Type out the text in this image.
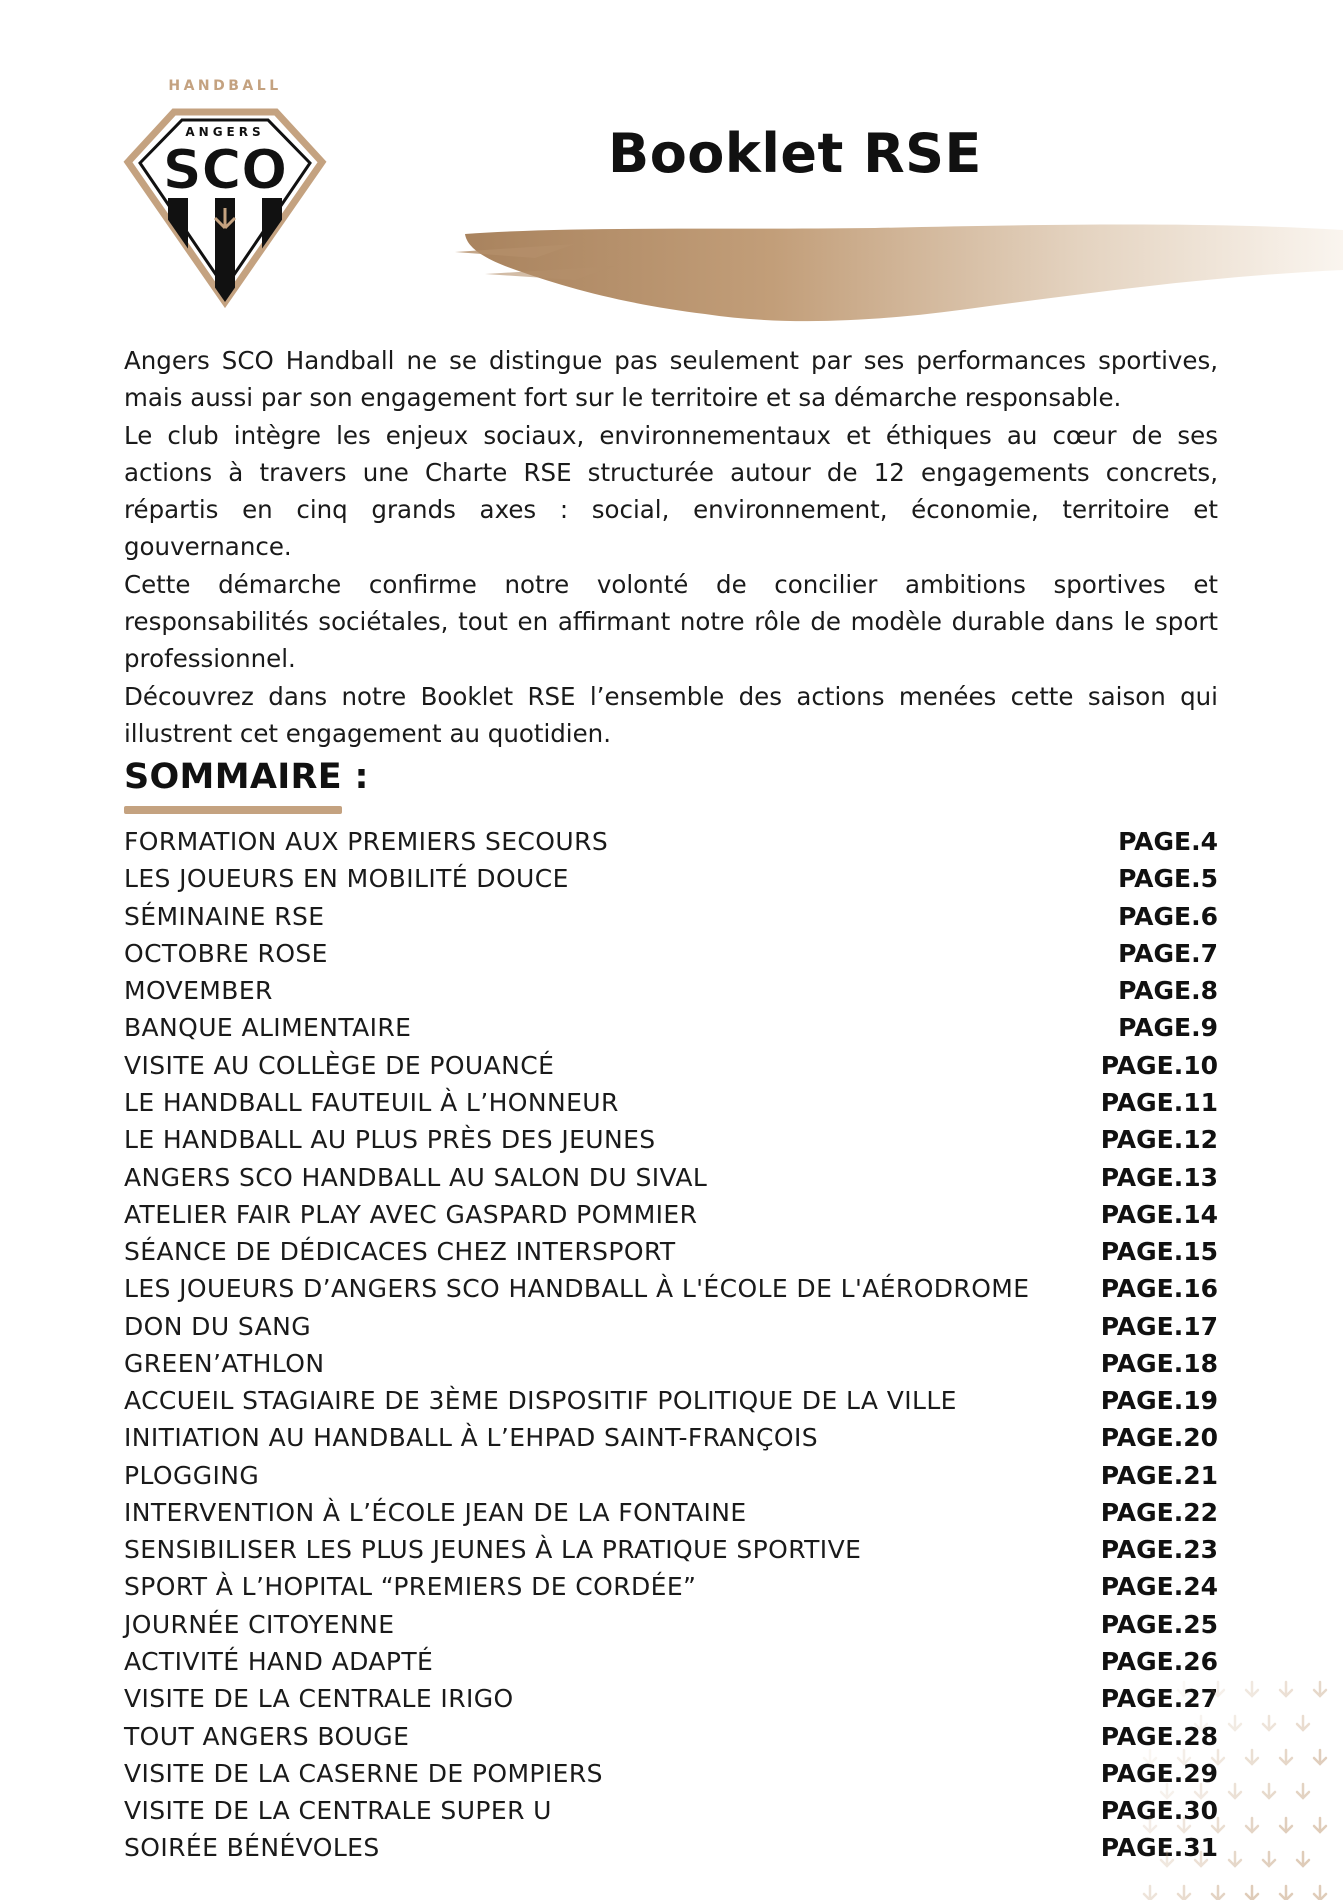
HANDBALL
ANGERS
SCO	Booklet RSE

Angers SCO Handball ne se distingue pas seulement par ses performances sportives, mais aussi par son engagement fort sur le territoire et sa démarche responsable.

Le club intègre les enjeux sociaux, environnementaux et éthiques au cœur de ses actions à travers une Charte RSE structurée autour de 12 engagements concrets, répartis en cinq grands axes : social, environnement, économie, territoire et gouvernance.

Cette démarche confirme notre volonté de concilier ambitions sportives et responsabilités sociétales, tout en affirmant notre rôle de modèle durable dans le sport professionnel.

Découvrez dans notre Booklet RSE l’ensemble des actions menées cette saison qui illustrent cet engagement au quotidien.

SOMMAIRE :
FORMATION AUX PREMIERS SECOURS	PAGE.4
LES JOUEURS EN MOBILITÉ DOUCE	PAGE.5
SÉMINAINE RSE	PAGE.6
OCTOBRE ROSE	PAGE.7
MOVEMBER	PAGE.8
BANQUE ALIMENTAIRE	PAGE.9
VISITE AU COLLÈGE DE POUANCÉ	PAGE.10
LE HANDBALL FAUTEUIL À L’HONNEUR	PAGE.11
LE HANDBALL AU PLUS PRÈS DES JEUNES	PAGE.12
ANGERS SCO HANDBALL AU SALON DU SIVAL	PAGE.13
ATELIER FAIR PLAY AVEC GASPARD POMMIER	PAGE.14
SÉANCE DE DÉDICACES CHEZ INTERSPORT	PAGE.15
LES JOUEURS D’ANGERS SCO HANDBALL À L'ÉCOLE DE L'AÉRODROME	PAGE.16
DON DU SANG	PAGE.17
GREEN’ATHLON	PAGE.18
ACCUEIL STAGIAIRE DE 3ÈME DISPOSITIF POLITIQUE DE LA VILLE	PAGE.19
INITIATION AU HANDBALL À L’EHPAD SAINT-FRANÇOIS	PAGE.20
PLOGGING	PAGE.21
INTERVENTION À L’ÉCOLE JEAN DE LA FONTAINE	PAGE.22
SENSIBILISER LES PLUS JEUNES À LA PRATIQUE SPORTIVE	PAGE.23
SPORT À L’HOPITAL “PREMIERS DE CORDÉE”	PAGE.24
JOURNÉE CITOYENNE	PAGE.25
ACTIVITÉ HAND ADAPTÉ	PAGE.26
VISITE DE LA CENTRALE IRIGO	PAGE.27
TOUT ANGERS BOUGE	PAGE.28
VISITE DE LA CASERNE DE POMPIERS	PAGE.29
VISITE DE LA CENTRALE SUPER U	PAGE.30
SOIRÉE BÉNÉVOLES	PAGE.31
